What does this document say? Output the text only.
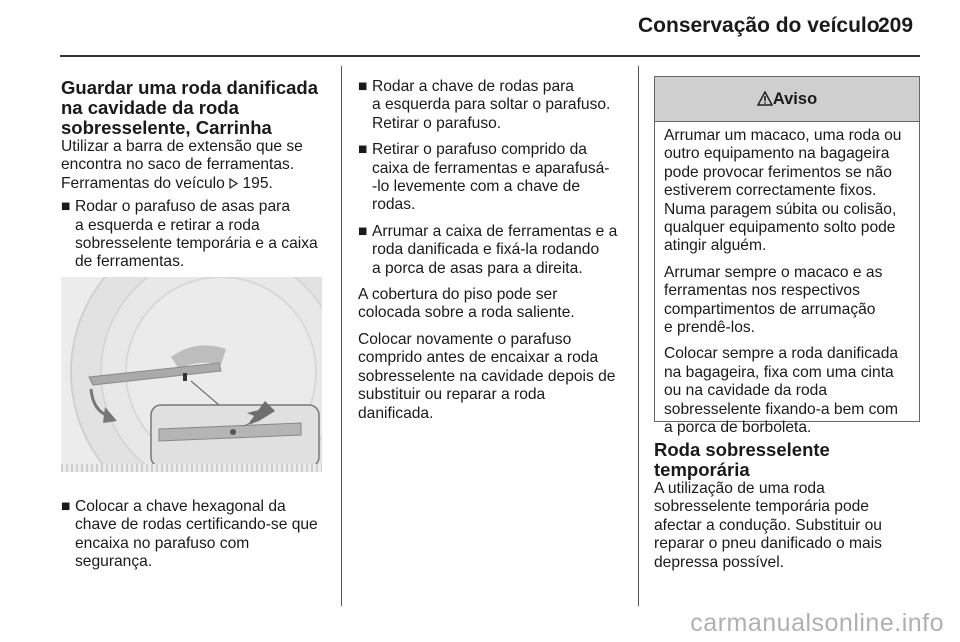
Conservação do veículo
209
Guardar uma roda danificada
na cavidade da roda
sobresselente, Carrinha

Utilizar a barra de extensão que se
encontra no saco de ferramentas.
Ferramentas do veículo  195.

■ Rodar o parafuso de asas para
a esquerda e retirar a roda
sobresselente temporária e a caixa
de ferramentas.
■ Colocar a chave hexagonal da
chave de rodas certificando-se que
encaixa no parafuso com
segurança.
■ Rodar a chave de rodas para
a esquerda para soltar o parafuso.
Retirar o parafuso.
■ Retirar o parafuso comprido da
caixa de ferramentas e aparafusá-
-lo levemente com a chave de
rodas.
■ Arrumar a caixa de ferramentas e a
roda danificada e fixá-la rodando
a porca de asas para a direita.

A cobertura do piso pode ser
colocada sobre a roda saliente.

Colocar novamente o parafuso
comprido antes de encaixar a roda
sobresselente na cavidade depois de
substituir ou reparar a roda
danificada.

Aviso

Arrumar um macaco, uma roda ou
outro equipamento na bagageira
pode provocar ferimentos se não
estiverem correctamente fixos.
Numa paragem súbita ou colisão,
qualquer equipamento solto pode
atingir alguém.

Arrumar sempre o macaco e as
ferramentas nos respectivos
compartimentos de arrumação
e prendê-los.

Colocar sempre a roda danificada
na bagageira, fixa com uma cinta
ou na cavidade da roda
sobresselente fixando-a bem com
a porca de borboleta.

Roda sobresselente temporária

A utilização de uma roda
sobresselente temporária pode
afectar a condução. Substituir ou
reparar o pneu danificado o mais
depressa possível.

carmanualsonline.info
